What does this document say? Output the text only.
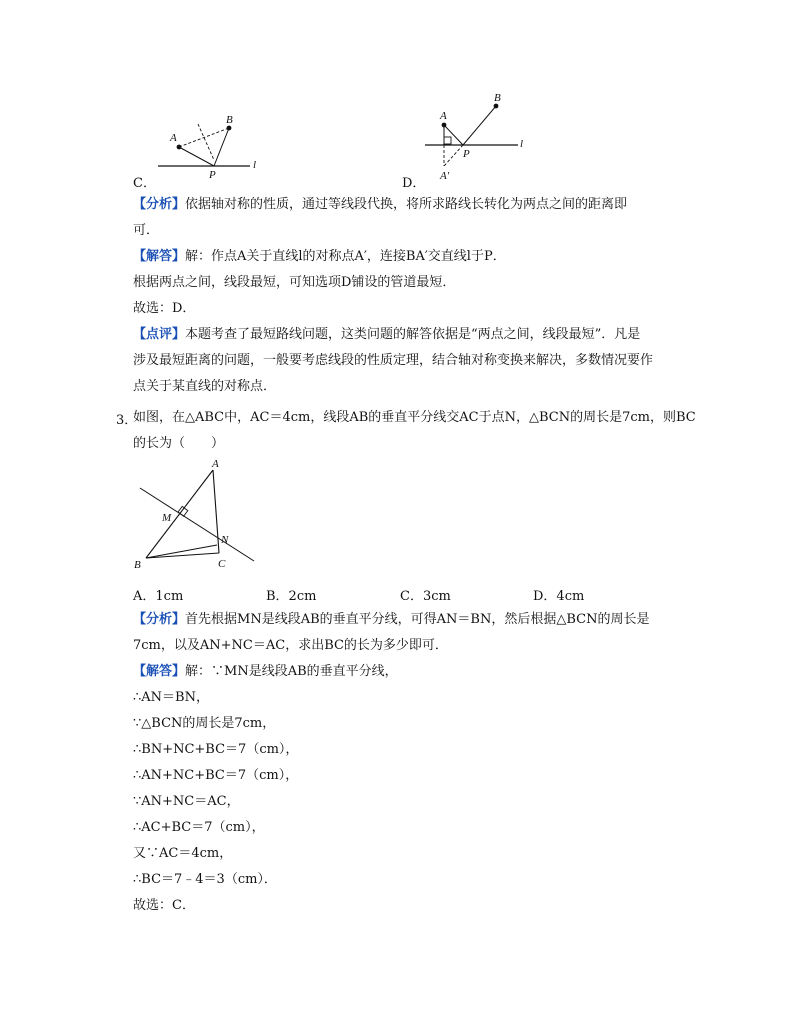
C．
A
B
P
l
D．
A
B
P
l
A'
【分析】依据轴对称的性质，通过等线段代换，将所求路线长转化为两点之间的距离即
可．
【解答】解：作点A关于直线l的对称点A′，连接BA′交直线l于P．
根据两点之间，线段最短，可知选项D铺设的管道最短．
故选：D．
【点评】本题考查了最短路线问题，这类问题的解答依据是“两点之间，线段最短”．凡是
涉及最短距离的问题，一般要考虑线段的性质定理，结合轴对称变换来解决，多数情况要作
点关于某直线的对称点．
3．
如图，在△ABC中，AC＝4cm，线段AB的垂直平分线交AC于点N，△BCN的周长是7cm，则BC
的长为（　　）
A
M
N
B	C
A．1cm	B．2cm	C．3cm	D．4cm
【分析】首先根据MN是线段AB的垂直平分线，可得AN＝BN，然后根据△BCN的周长是
7cm，以及AN+NC＝AC，求出BC的长为多少即可．
【解答】解：∵MN是线段AB的垂直平分线，
∴AN＝BN，
∵△BCN的周长是7cm，
∴BN+NC+BC＝7（cm），
∴AN+NC+BC＝7（cm），
∵AN+NC＝AC，
∴AC+BC＝7（cm），
又∵AC＝4cm，
∴BC＝7﹣4＝3（cm）．
故选：C．
